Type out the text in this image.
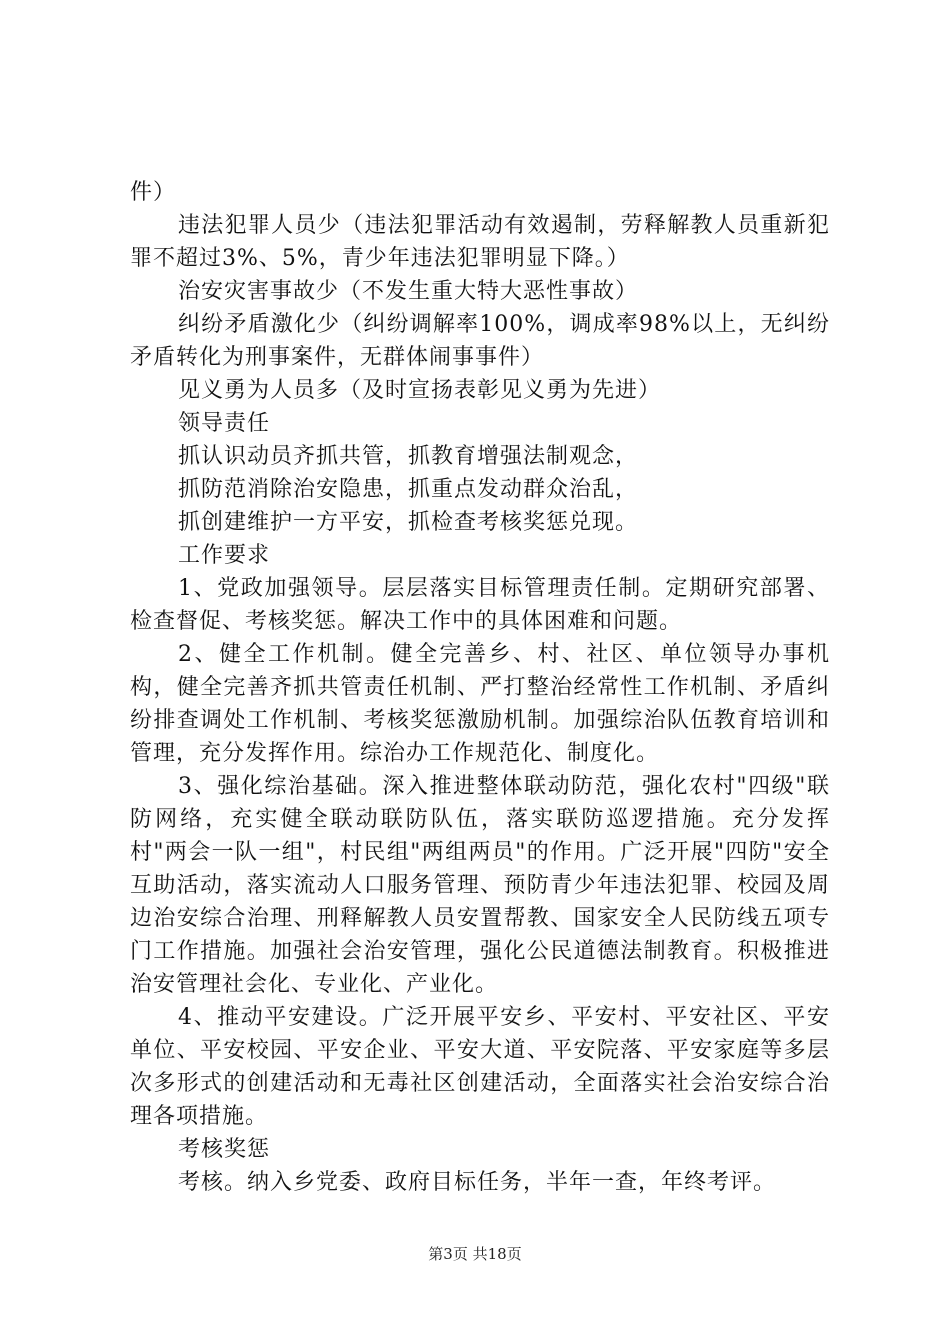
件）

违法犯罪人员少（违法犯罪活动有效遏制，劳释解教人员重新犯罪不超过3%、5%，青少年违法犯罪明显下降。）

治安灾害事故少（不发生重大特大恶性事故）

纠纷矛盾激化少（纠纷调解率100%，调成率98%以上，无纠纷矛盾转化为刑事案件，无群体闹事事件）

见义勇为人员多（及时宣扬表彰见义勇为先进）

领导责任

抓认识动员齐抓共管，抓教育增强法制观念，

抓防范消除治安隐患，抓重点发动群众治乱，

抓创建维护一方平安，抓检查考核奖惩兑现。

工作要求

1、党政加强领导。层层落实目标管理责任制。定期研究部署、检查督促、考核奖惩。解决工作中的具体困难和问题。

2、健全工作机制。健全完善乡、村、社区、单位领导办事机构，健全完善齐抓共管责任机制、严打整治经常性工作机制、矛盾纠纷排查调处工作机制、考核奖惩激励机制。加强综治队伍教育培训和管理，充分发挥作用。综治办工作规范化、制度化。

3、强化综治基础。深入推进整体联动防范，强化农村"四级"联防网络，充实健全联动联防队伍，落实联防巡逻措施。充分发挥村"两会一队一组"，村民组"两组两员"的作用。广泛开展"四防"安全互助活动，落实流动人口服务管理、预防青少年违法犯罪、校园及周边治安综合治理、刑释解教人员安置帮教、国家安全人民防线五项专门工作措施。加强社会治安管理，强化公民道德法制教育。积极推进治安管理社会化、专业化、产业化。

4、推动平安建设。广泛开展平安乡、平安村、平安社区、平安单位、平安校园、平安企业、平安大道、平安院落、平安家庭等多层次多形式的创建活动和无毒社区创建活动，全面落实社会治安综合治理各项措施。

考核奖惩

考核。纳入乡党委、政府目标任务，半年一查，年终考评。

第3页 共18页
